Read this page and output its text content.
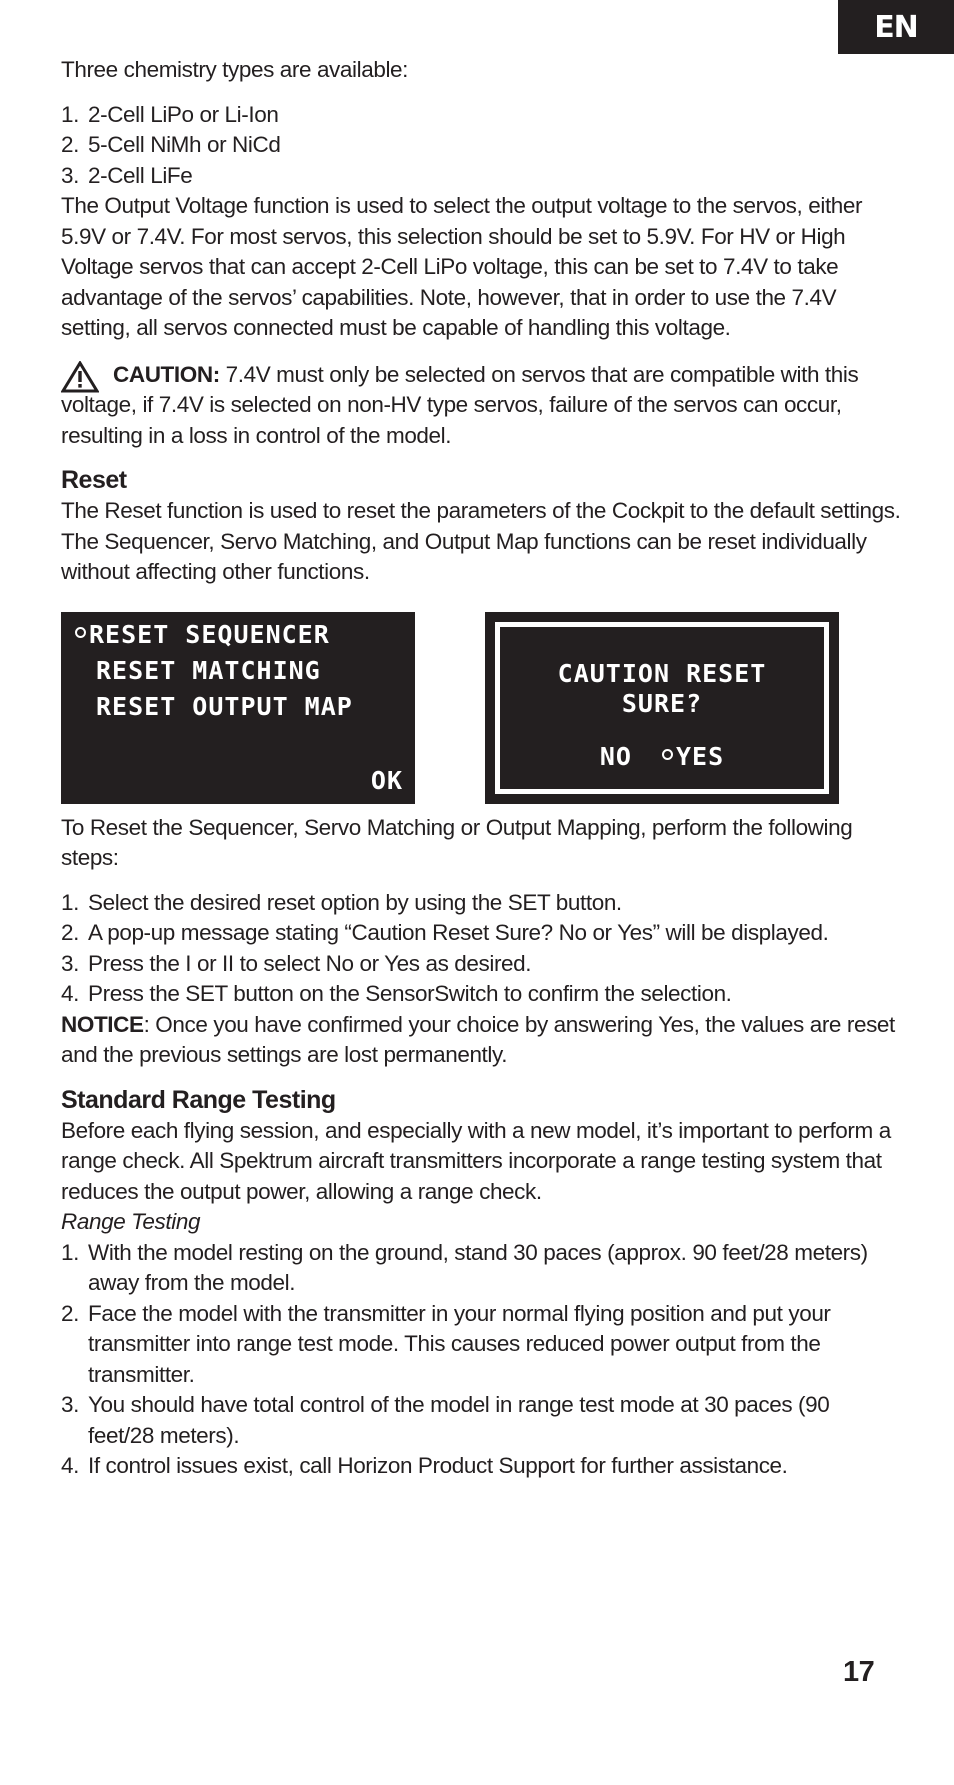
EN

Three chemistry types are available:

1. 2-Cell LiPo or Li-Ion
2. 5-Cell NiMh or NiCd
3. 2-Cell LiFe

The Output Voltage function is used to select the output voltage to the servos, either 5.9V or 7.4V. For most servos, this selection should be set to 5.9V. For HV or High Voltage servos that can accept 2-Cell LiPo voltage, this can be set to 7.4V to take advantage of the servos’ capabilities. Note, however, that in order to use the 7.4V setting, all servos connected must be capable of handling this voltage.

CAUTION: 7.4V must only be selected on servos that are compatible with this voltage, if 7.4V is selected on non-HV type servos, failure of the servos can occur, resulting in a loss in control of the model.

Reset

The Reset function is used to reset the parameters of the Cockpit to the default settings. The Sequencer, Servo Matching, and Output Map functions can be reset individually without affecting other functions.

RESET SEQUENCER
RESET MATCHING
RESET OUTPUT MAP
OK
CAUTION RESET
SURE?
NO YES

To Reset the Sequencer, Servo Matching or Output Mapping, perform the following steps:

1. Select the desired reset option by using the SET button.
2. A pop-up message stating “Caution Reset Sure? No or Yes” will be displayed.
3. Press the I or II to select No or Yes as desired.
4. Press the SET button on the SensorSwitch to confirm the selection.

NOTICE: Once you have confirmed your choice by answering Yes, the values are reset and the previous settings are lost permanently.

Standard Range Testing

Before each flying session, and especially with a new model, it’s important to perform a range check. All Spektrum aircraft transmitters incorporate a range testing system that reduces the output power, allowing a range check.

Range Testing

1. With the model resting on the ground, stand 30 paces (approx. 90 feet/28 meters) away from the model.
2. Face the model with the transmitter in your normal flying position and put your transmitter into range test mode. This causes reduced power output from the transmitter.
3. You should have total control of the model in range test mode at 30 paces (90 feet/28 meters).
4. If control issues exist, call Horizon Product Support for further assistance.
17
